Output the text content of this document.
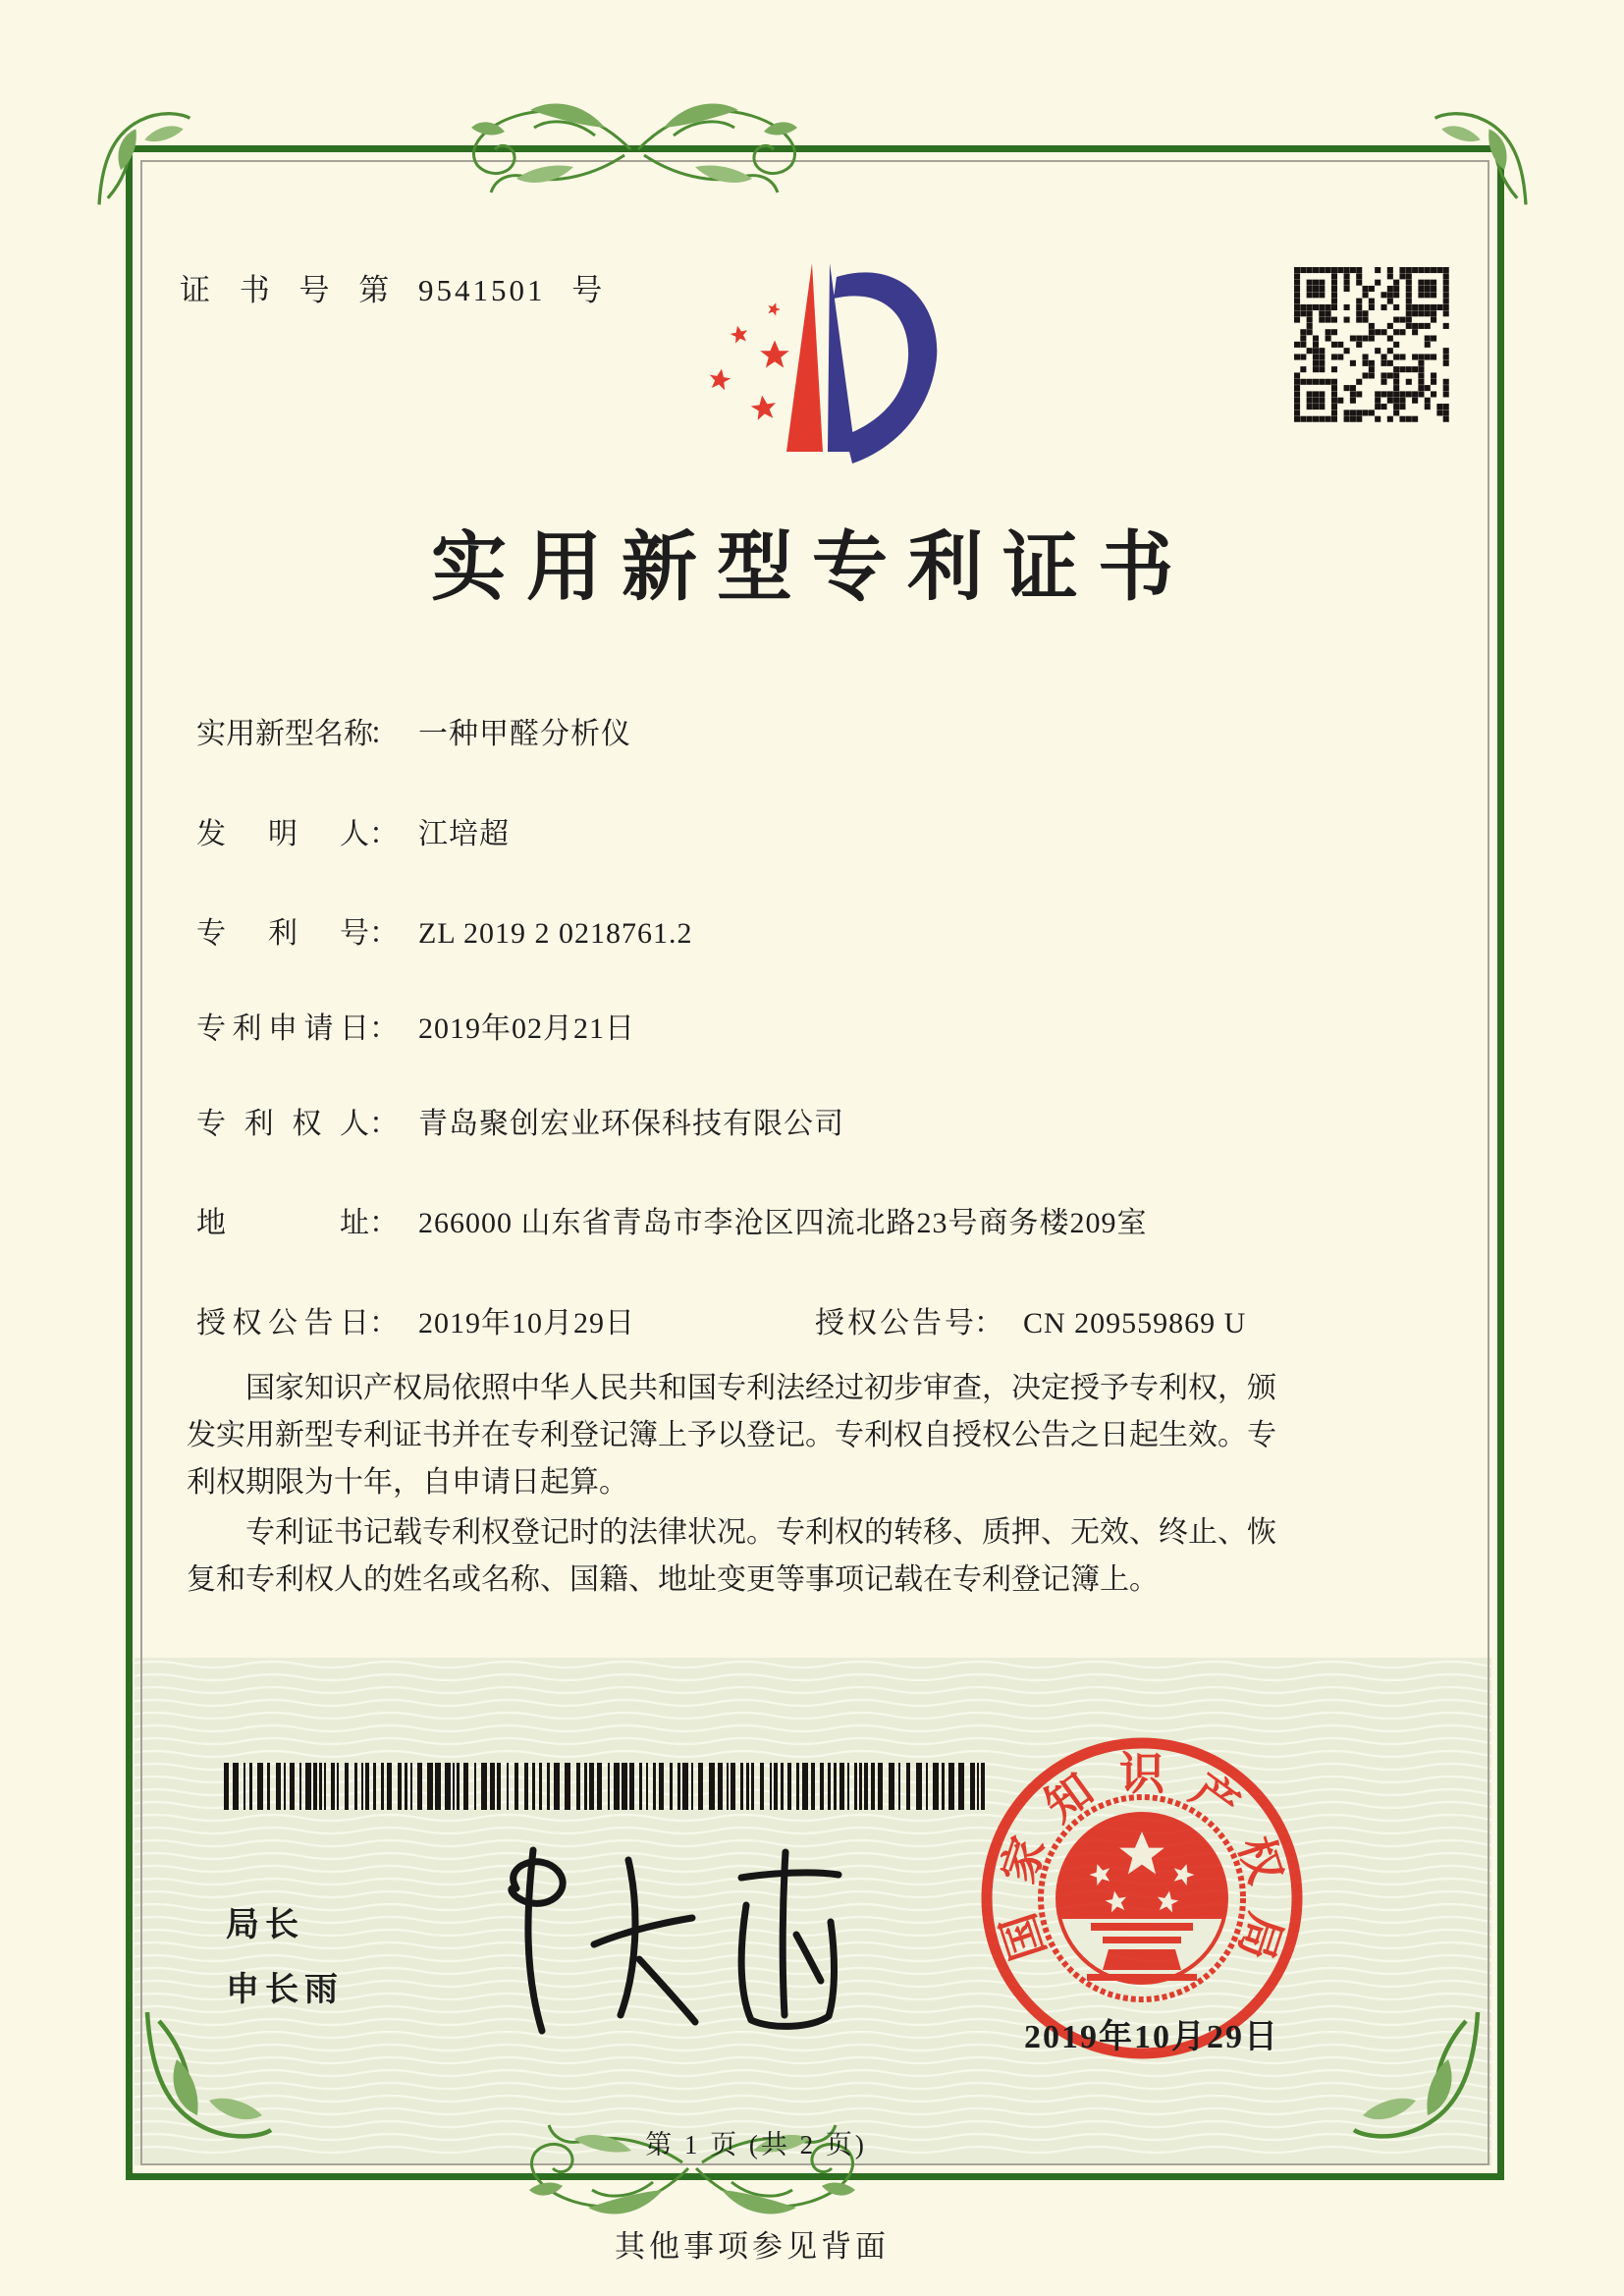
证 书 号 第 9541501 号
实用新型专利证书
实用新型名称： 一种甲醛分析仪
发明人： 江培超
专利号： ZL 2019 2 0218761.2
专利申请日： 2019年02月21日
专利权人： 青岛聚创宏业环保科技有限公司
地址： 266000 山东省青岛市李沧区四流北路23号商务楼209室
授权公告日： 2019年10月29日	授权公告号： CN 209559869 U
国家知识产权局依照中华人民共和国专利法经过初步审查，决定授予专利权，颁发实用新型专利证书并在专利登记簿上予以登记。专利权自授权公告之日起生效。专利权期限为十年，自申请日起算。
专利证书记载专利权登记时的法律状况。专利权的转移、质押、无效、终止、恢复和专利权人的姓名或名称、国籍、地址变更等事项记载在专利登记簿上。
局长
申长雨
国
家
知 识 产
权
局
2019年10月29日
第 1 页 (共 2 页)
其他事项参见背面
